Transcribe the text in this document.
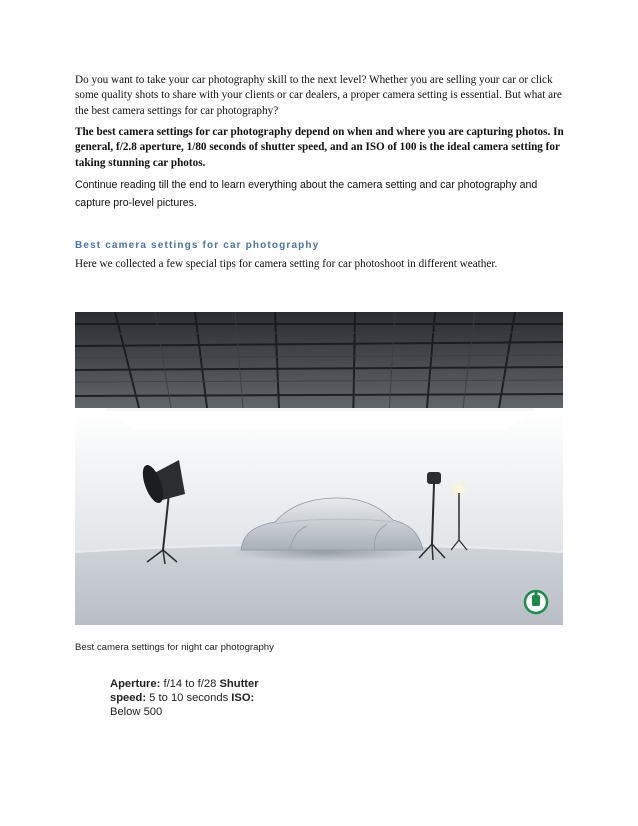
Do you want to take your car photography skill to the next level? Whether you are selling your car or click some quality shots to share with your clients or car dealers, a proper camera setting is essential. But what are the best camera settings for car photography?

The best camera settings for car photography depend on when and where you are capturing photos. In general, f/2.8 aperture, 1/80 seconds of shutter speed, and an ISO of 100 is the ideal camera setting for taking stunning car photos.

Continue reading till the end to learn everything about the camera setting and car photography and capture pro-level pictures.

Best camera settings for car photography

Here we collected a few special tips for camera setting for car photoshoot in different weather.

Best camera settings for night car photography

Aperture: f/14 to f/28 Shutter speed: 5 to 10 seconds ISO: Below 500
